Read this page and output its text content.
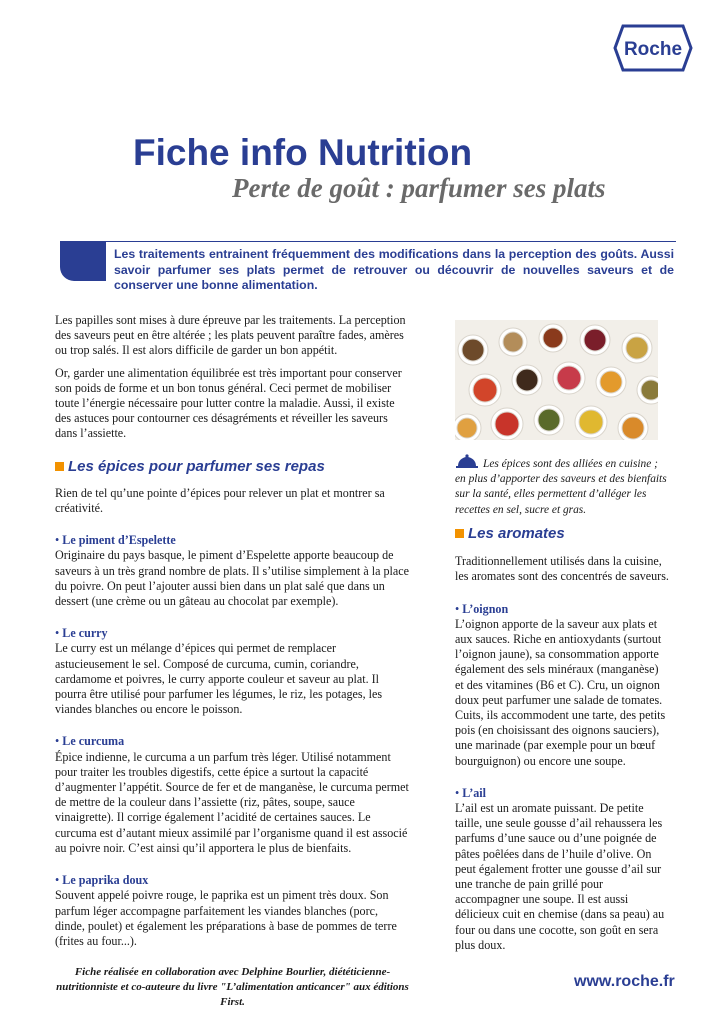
Roche
Fiche info Nutrition
Perte de goût : parfumer ses plats

Les traitements entrainent fréquemment des modifications dans la perception des goûts. Aussi savoir parfumer ses plats permet de retrouver ou découvrir de nouvelles saveurs et de conserver une bonne alimentation.

Les papilles sont mises à dure épreuve par les traitements. La perception des saveurs peut en être altérée ; les plats peuvent paraître fades, amères ou trop salés. Il est alors difficile de garder un bon appétit.

Or, garder une alimentation équilibrée est très important pour conserver son poids de forme et un bon tonus général. Ceci permet de mobiliser toute l’énergie nécessaire pour lutter contre la maladie. Aussi, il existe des astuces pour contourner ces désagréments et réveiller les saveurs dans l’assiette.

Les épices pour parfumer ses repas

Rien de tel qu’une pointe d’épices pour relever un plat et montrer sa créativité.

• Le piment d’Espelette
Originaire du pays basque, le piment d’Espelette apporte beaucoup de saveurs à un très grand nombre de plats. Il s’utilise simplement à la place du poivre. On peut l’ajouter aussi bien dans un plat salé que dans un dessert (une crème ou un gâteau au chocolat par exemple).
• Le curry
Le curry est un mélange d’épices qui permet de remplacer astucieusement le sel. Composé de curcuma, cumin, coriandre, cardamome et poivres, le curry apporte couleur et saveur au plat. Il pourra être utilisé pour parfumer les légumes, le riz, les potages, les viandes blanches ou encore le poisson.
• Le curcuma
Épice indienne, le curcuma a un parfum très léger. Utilisé notamment pour traiter les troubles digestifs, cette épice a surtout la capacité d’augmenter l’appétit. Source de fer et de manganèse, le curcuma permet de mettre de la couleur dans l’assiette (riz, pâtes, soupe, sauce vinaigrette). Il corrige également l’acidité de certaines sauces. Le curcuma est d’autant mieux assimilé par l’organisme quand il est associé au poivre noir. C’est ainsi qu’il apportera le plus de bienfaits.
• Le paprika doux
Souvent appelé poivre rouge, le paprika est un piment très doux. Son parfum léger accompagne parfaitement les viandes blanches (porc, dinde, poulet) et également les préparations à base de pommes de terre (frites au four...).

Les épices sont des alliées en cuisine ; en plus d’apporter des saveurs et des bienfaits sur la santé, elles permettent d’alléger les recettes en sel, sucre et gras.

Les aromates

Traditionnellement utilisés dans la cuisine, les aromates sont des concentrés de saveurs.

• L’oignon
L’oignon apporte de la saveur aux plats et aux sauces. Riche en antioxydants (surtout l’oignon jaune), sa consommation apporte également des sels minéraux (manganèse) et des vitamines (B6 et C). Cru, un oignon doux peut parfumer une salade de tomates. Cuits, ils accommodent une tarte, des petits pois (en choisissant des oignons sauciers), une marinade (par exemple pour un bœuf bourguignon) ou encore une soupe.
• L’ail
L’ail est un aromate puissant. De petite taille, une seule gousse d’ail rehaussera les parfums d’une sauce ou d’une poignée de pâtes poêlées dans de l’huile d’olive. On peut également frotter une gousse d’ail sur une tranche de pain grillé pour accompagner une soupe. Il est aussi délicieux cuit en chemise (dans sa peau) au four ou dans une cocotte, son goût en sera plus doux.

Fiche réalisée en collaboration avec Delphine Bourlier, diététicienne-nutritionniste et co-auteure du livre "L’alimentation anticancer" aux éditions First.

www.roche.fr
